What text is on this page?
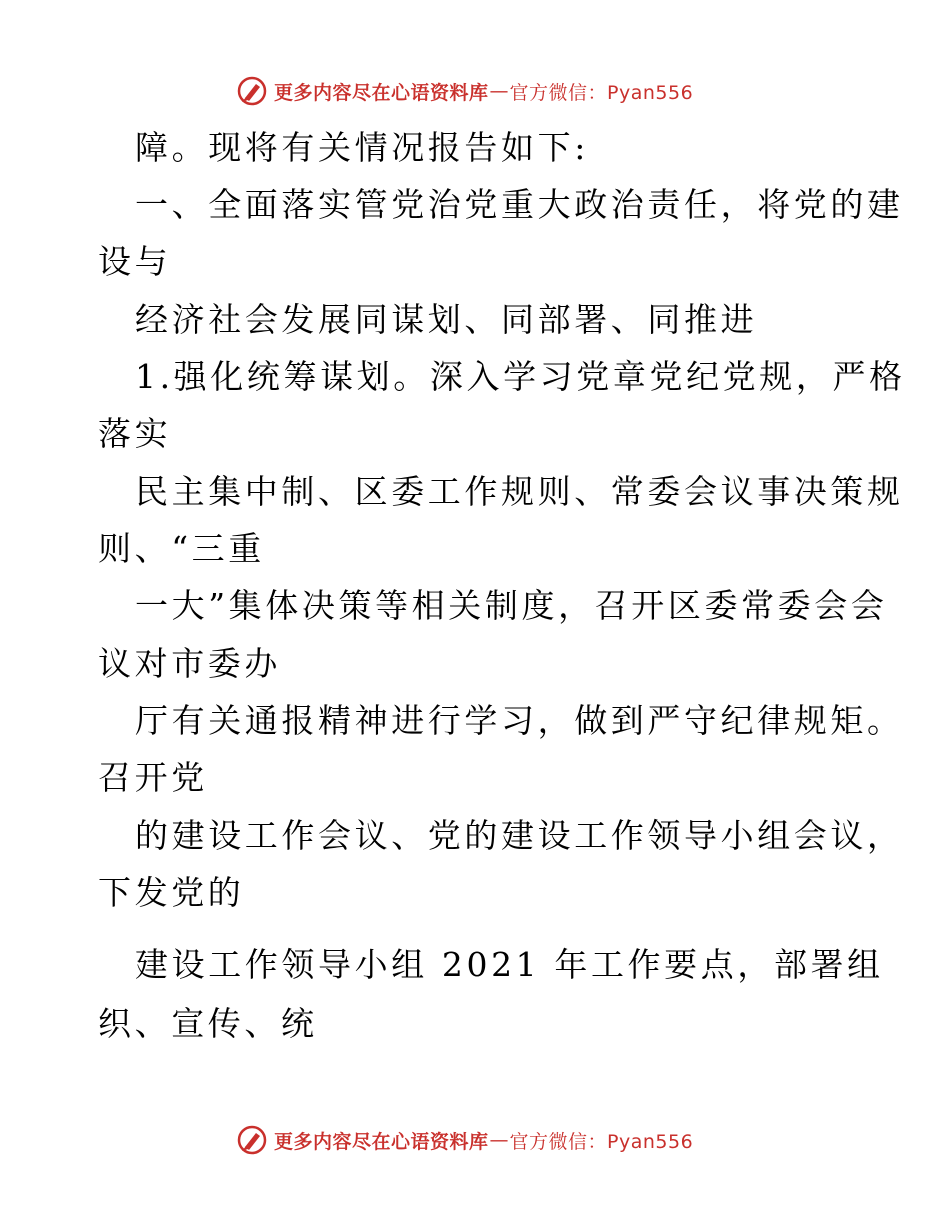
更多内容尽在心语资料库 — 官方微信：Pyan556
障。现将有关情况报告如下:
一、全面落实管党治党重大政治责任，将党的建
设与
经济社会发展同谋划、同部署、同推进
1.强化统筹谋划。深入学习党章党纪党规，严格
落实
民主集中制、区委工作规则、常委会议事决策规
则、“三重
一大”集体决策等相关制度，召开区委常委会会
议对市委办
厅有关通报精神进行学习，做到严守纪律规矩。
召开党
的建设工作会议、党的建设工作领导小组会议，
下发党的
建设工作领导小组 2021 年工作要点，部署组
织、宣传、统
更多内容尽在心语资料库 — 官方微信：Pyan556
